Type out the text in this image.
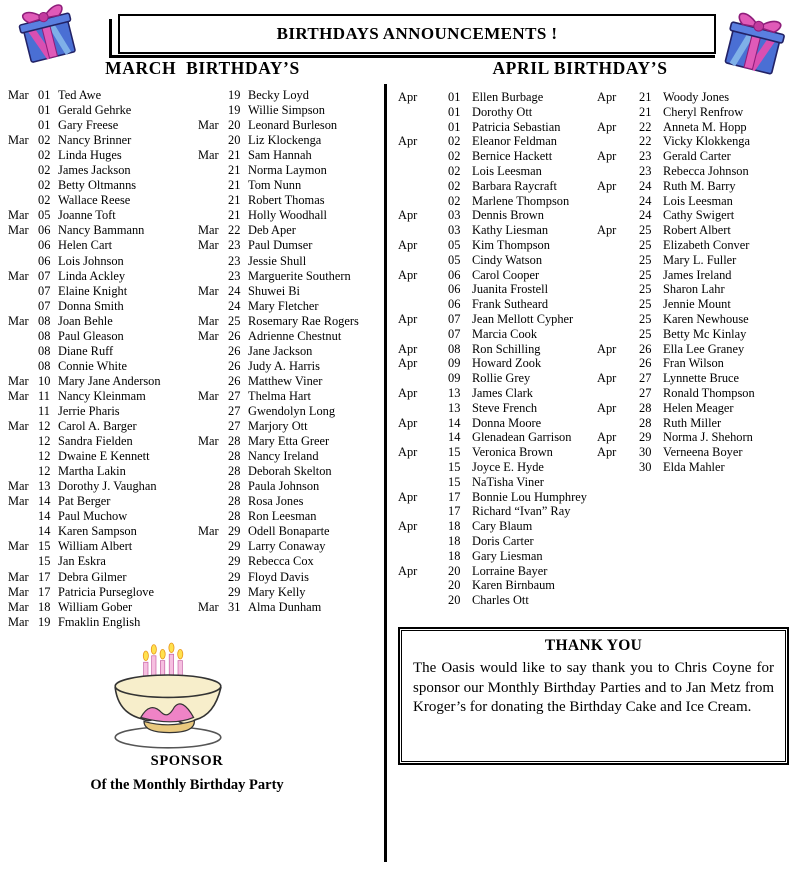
BIRTHDAYS ANNOUNCEMENTS !
MARCH  BIRTHDAY’S	APRIL BIRTHDAY’S
Mar 01 Ted Awe
01 Gerald Gehrke
01 Gary Freese
Mar 02 Nancy Brinner
02 Linda Huges
02 James Jackson
02 Betty Oltmanns
02 Wallace Reese
Mar 05 Joanne Toft
Mar 06 Nancy Bammann
06 Helen Cart
06 Lois Johnson
Mar 07 Linda Ackley
07 Elaine Knight
07 Donna Smith
Mar 08 Joan Behle
08 Paul Gleason
08 Diane Ruff
08 Connie White
Mar 10 Mary Jane Anderson
Mar 11 Nancy Kleinmam
11 Jerrie Pharis
Mar 12 Carol A. Barger
12 Sandra Fielden
12 Dwaine E Kennett
12 Martha Lakin
Mar 13 Dorothy J. Vaughan
Mar 14 Pat Berger
14 Paul Muchow
14 Karen Sampson
Mar 15 William Albert
15 Jan Eskra
Mar 17 Debra Gilmer
Mar 17 Patricia Purseglove
Mar 18 William Gober
Mar 19 Fmaklin English
19 Becky Loyd
19 Willie Simpson
Mar 20 Leonard Burleson
20 Liz Klockenga
Mar 21 Sam Hannah
21 Norma Laymon
21 Tom Nunn
21 Robert Thomas
21 Holly Woodhall
Mar 22 Deb Aper
Mar 23 Paul Dumser
23 Jessie Shull
23 Marguerite Southern
Mar 24 Shuwei Bi
24 Mary Fletcher
Mar 25 Rosemary Rae Rogers
Mar 26 Adrienne Chestnut
26 Jane Jackson
26 Judy A. Harris
26 Matthew Viner
Mar 27 Thelma Hart
27 Gwendolyn Long
27 Marjory Ott
Mar 28 Mary Etta Greer
28 Nancy Ireland
28 Deborah Skelton
28 Paula Johnson
28 Rosa Jones
28 Ron Leesman
Mar 29 Odell Bonaparte
29 Larry Conaway
29 Rebecca Cox
29 Floyd Davis
29 Mary Kelly
Mar 31 Alma Dunham
Apr	01 Ellen Burbage
01 Dorothy Ott
01 Patricia Sebastian
Apr	02 Eleanor Feldman
02 Bernice Hackett
02 Lois Leesman
02 Barbara Raycraft
02 Marlene Thompson
Apr	03 Dennis Brown
03 Kathy Liesman
Apr	05 Kim Thompson
05 Cindy Watson
Apr	06 Carol Cooper
06 Juanita Frostell
06 Frank Sutheard
Apr	07 Jean Mellott Cypher
07 Marcia Cook
Apr	08 Ron Schilling
Apr	09 Howard Zook
09 Rollie Grey
Apr	13 James Clark
13 Steve French
Apr	14 Donna Moore
14 Glenadean Garrison
Apr	15 Veronica Brown
15 Joyce E. Hyde
15 NaTisha Viner
Apr	17 Bonnie Lou Humphrey
17 Richard “Ivan” Ray
Apr	18 Cary Blaum
18 Doris Carter
18 Gary Liesman
Apr	20 Lorraine Bayer
20 Karen Birnbaum
20 Charles Ott
Apr	21 Woody Jones
21 Cheryl Renfrow
Apr	22 Anneta M. Hopp
22 Vicky Klokkenga
Apr	23 Gerald Carter
23 Rebecca Johnson
Apr	24 Ruth M. Barry
24 Lois Leesman
24 Cathy Swigert
Apr	25 Robert Albert
25 Elizabeth Conver
25 Mary L. Fuller
25 James Ireland
25 Sharon Lahr
25 Jennie Mount
25 Karen Newhouse
25 Betty Mc Kinlay
Apr	26 Ella Lee Graney
26 Fran Wilson
Apr	27 Lynnette Bruce
27 Ronald Thompson
Apr	28 Helen Meager
28 Ruth Miller
Apr	29 Norma J. Shehorn
Apr	30 Verneena Boyer
30 Elda Mahler
SPONSOR
Of the Monthly Birthday Party
THANK YOU

The Oasis would like to say thank you to Chris Coyne for sponsor our Monthly Birthday Parties and to Jan Metz from Kroger’s for donating the Birthday Cake and Ice Cream.
